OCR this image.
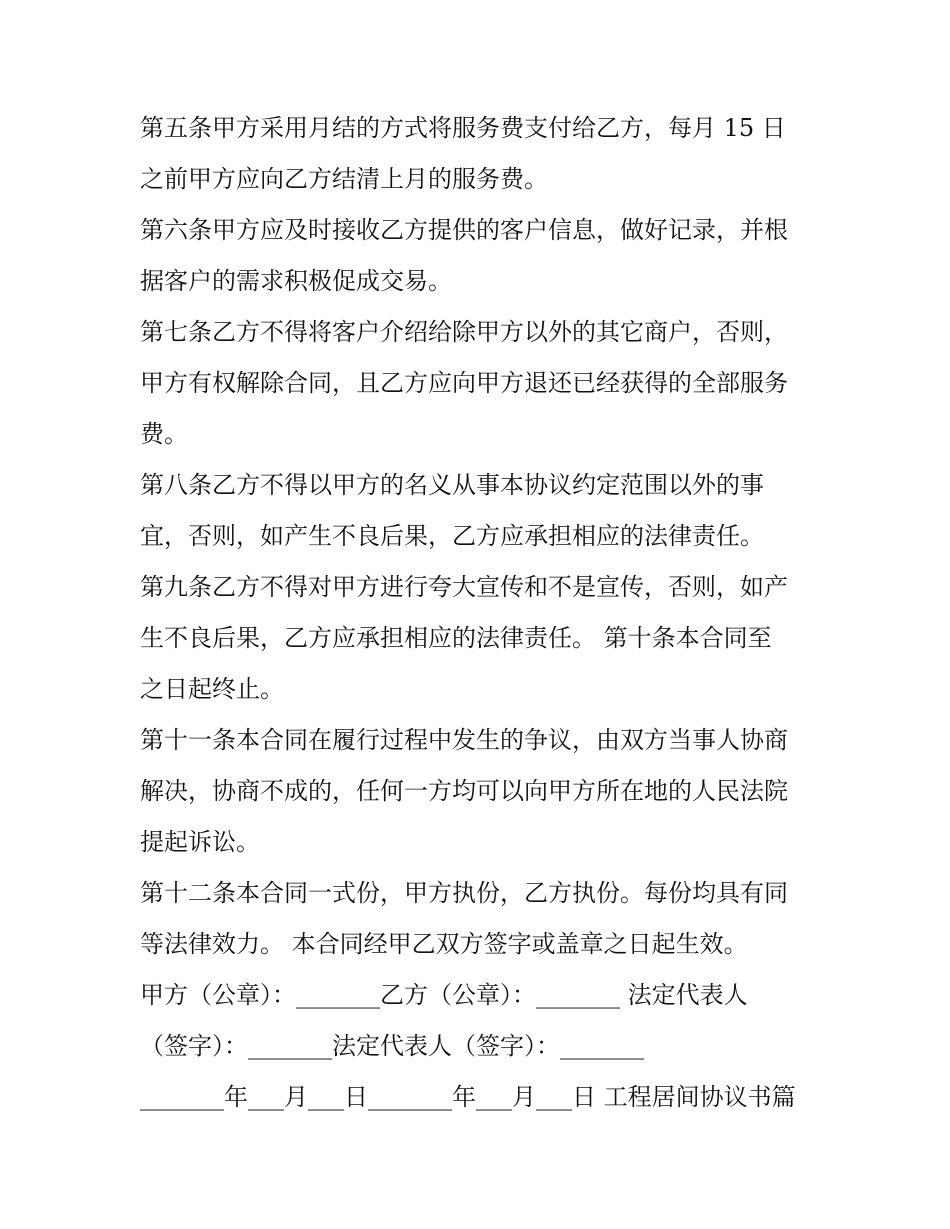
第五条甲方采用月结的方式将服务费支付给乙方，每月 15 日
之前甲方应向乙方结清上月的服务费。

第六条甲方应及时接收乙方提供的客户信息，做好记录，并根
据客户的需求积极促成交易。

第七条乙方不得将客户介绍给除甲方以外的其它商户，否则，
甲方有权解除合同，且乙方应向甲方退还已经获得的全部服务
费。

第八条乙方不得以甲方的名义从事本协议约定范围以外的事
宜，否则，如产生不良后果，乙方应承担相应的法律责任。

第九条乙方不得对甲方进行夸大宣传和不是宣传，否则，如产
生不良后果，乙方应承担相应的法律责任。 第十条本合同至
之日起终止。

第十一条本合同在履行过程中发生的争议，由双方当事人协商
解决，协商不成的，任何一方均可以向甲方所在地的人民法院
提起诉讼。

第十二条本合同一式份，甲方执份，乙方执份。每份均具有同
等法律效力。 本合同经甲乙双方签字或盖章之日起生效。

甲方（公章）：_______乙方（公章）：_______ 法定代表人
（签字）：_______法定代表人（签字）：_______
_______年___月___日_______年___月___日 工程居间协议书篇
